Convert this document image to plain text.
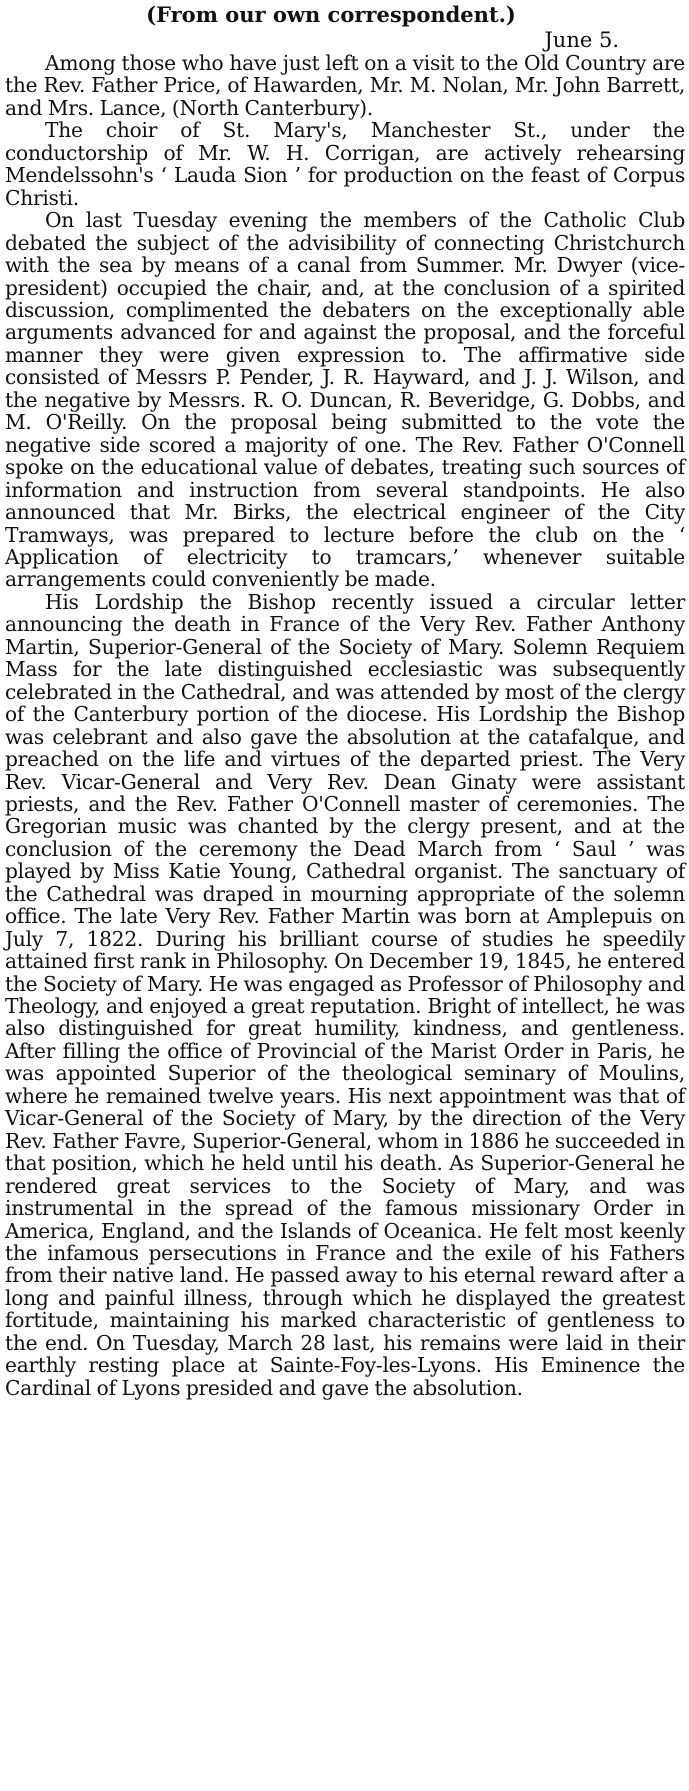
(From our own correspondent.)

June 5.

Among those who have just left on a visit to the Old Country are the Rev. Father Price, of Hawarden, Mr. M. Nolan, Mr. John Barrett, and Mrs. Lance, (North Canterbury).

The choir of St. Mary's, Manchester St., under the conductorship of Mr. W. H. Corrigan, are actively rehearsing Mendelssohn's ‘ Lauda Sion ’ for production on the feast of Corpus Christi.

On last Tuesday evening the members of the Catholic Club debated the subject of the advisibility of connecting Christchurch with the sea by means of a canal from Summer. Mr. Dwyer (vice-president) occupied the chair, and, at the conclusion of a spirited discussion, complimented the debaters on the exceptionally able arguments advanced for and against the proposal, and the forceful manner they were given expression to. The affirmative side consisted of Messrs P. Pender, J. R. Hayward, and J. J. Wilson, and the negative by Messrs. R. O. Duncan, R. Beveridge, G. Dobbs, and M. O'Reilly. On the proposal being submitted to the vote the negative side scored a majority of one. The Rev. Father O'Connell spoke on the educational value of debates, treating such sources of information and instruction from several standpoints. He also announced that Mr. Birks, the electrical engineer of the City Tramways, was prepared to lecture before the club on the ‘ Application of electricity to tramcars,’ whenever suitable arrangements could conveniently be made.

His Lordship the Bishop recently issued a circular letter announcing the death in France of the Very Rev. Father Anthony Martin, Superior-General of the Society of Mary. Solemn Requiem Mass for the late distinguished ecclesiastic was subsequently celebrated in the Cathedral, and was attended by most of the clergy of the Canterbury portion of the diocese. His Lordship the Bishop was celebrant and also gave the absolution at the catafalque, and preached on the life and virtues of the departed priest. The Very Rev. Vicar-General and Very Rev. Dean Ginaty were assistant priests, and the Rev. Father O'Connell master of ceremonies. The Gregorian music was chanted by the clergy present, and at the conclusion of the ceremony the Dead March from ‘ Saul ’ was played by Miss Katie Young, Cathedral organist. The sanctuary of the Cathedral was draped in mourning appropriate of the solemn office. The late Very Rev. Father Martin was born at Amplepuis on July 7, 1822. During his brilliant course of studies he speedily attained first rank in Philosophy. On December 19, 1845, he entered the Society of Mary. He was engaged as Professor of Philosophy and Theology, and enjoyed a great reputation. Bright of intellect, he was also distinguished for great humility, kindness, and gentleness. After filling the office of Provincial of the Marist Order in Paris, he was appointed Superior of the theological seminary of Moulins, where he remained twelve years. His next appointment was that of Vicar-General of the Society of Mary, by the direction of the Very Rev. Father Favre, Superior-General, whom in 1886 he succeeded in that position, which he held until his death. As Superior-General he rendered great services to the Society of Mary, and was instrumental in the spread of the famous missionary Order in America, England, and the Islands of Oceanica. He felt most keenly the infamous persecutions in France and the exile of his Fathers from their native land. He passed away to his eternal reward after a long and painful illness, through which he displayed the greatest fortitude, maintaining his marked characteristic of gentleness to the end. On Tuesday, March 28 last, his remains were laid in their earthly resting place at Sainte-Foy-les-Lyons. His Eminence the Cardinal of Lyons presided and gave the absolution.
